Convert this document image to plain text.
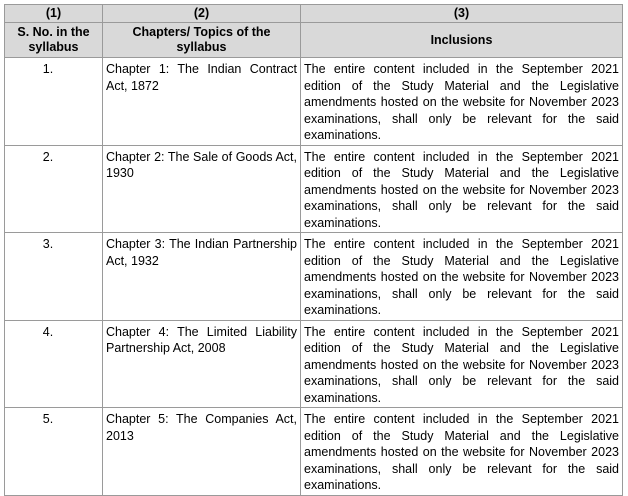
(1)	(2)	(3)
S. No. in the syllabus	Chapters/ Topics of the syllabus	Inclusions
1.	Chapter 1: The Indian Contract Act, 1872	The entire content included in the September 2021 edition of the Study Material and the Legislative amendments hosted on the website for November 2023 examinations, shall only be relevant for the said examinations.
2.	Chapter 2: The Sale of Goods Act, 1930	The entire content included in the September 2021 edition of the Study Material and the Legislative amendments hosted on the website for November 2023 examinations, shall only be relevant for the said examinations.
3.	Chapter 3: The Indian Partnership Act, 1932	The entire content included in the September 2021 edition of the Study Material and the Legislative amendments hosted on the website for November 2023 examinations, shall only be relevant for the said examinations.
4.	Chapter 4: The Limited Liability Partnership Act, 2008	The entire content included in the September 2021 edition of the Study Material and the Legislative amendments hosted on the website for November 2023 examinations, shall only be relevant for the said examinations.
5.	Chapter 5: The Companies Act, 2013	The entire content included in the September 2021 edition of the Study Material and the Legislative amendments hosted on the website for November 2023 examinations, shall only be relevant for the said examinations.
